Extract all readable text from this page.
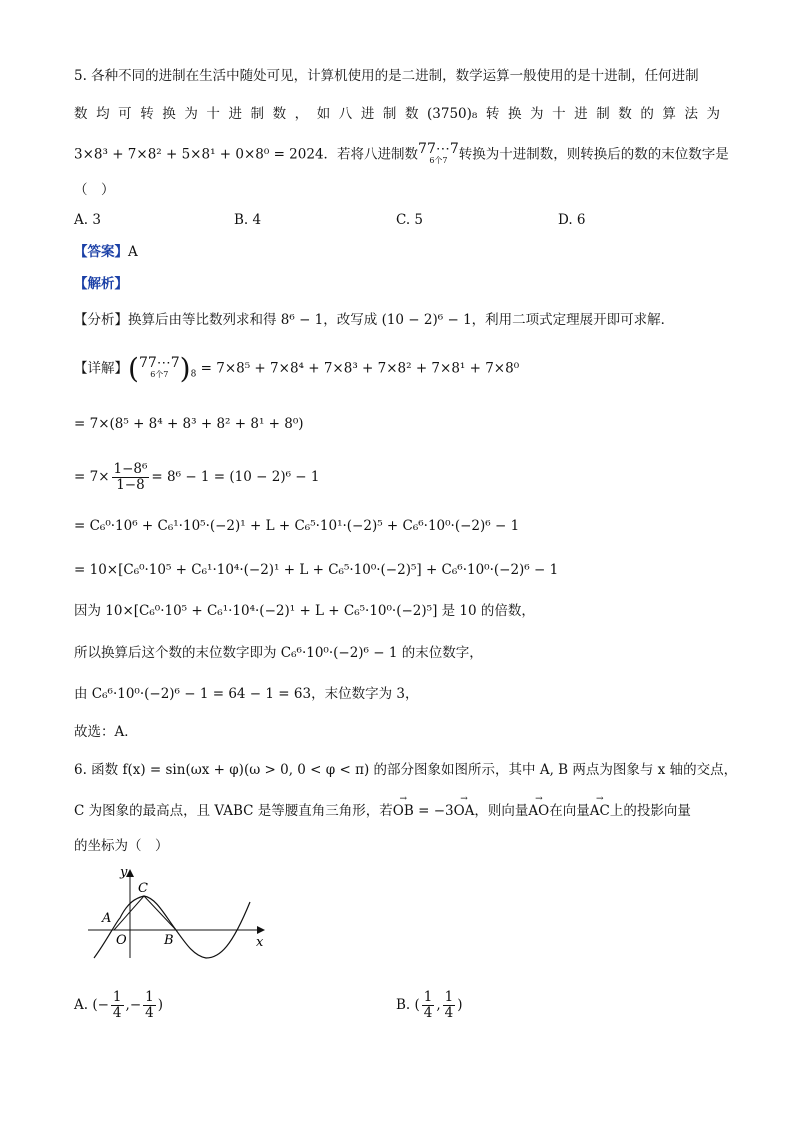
5. 各种不同的进制在生活中随处可见，计算机使用的是二进制，数学运算一般使用的是十进制，任何进制
数 均 可 转 换 为 十 进 制 数 ， 如 八 进 制 数 (3750)₈ 转 换 为 十 进 制 数 的 算 法 为
3×8³ + 7×8² + 5×8¹ + 0×8⁰ = 2024．若将八进制数 77⋯7
6个7 转换为十进制数，则转换后的数的末位数字是
（　）
A. 3	B. 4	C. 5	D. 6
【答案】A
【解析】
【分析】换算后由等比数列求和得 8⁶ − 1，改写成 (10 − 2)⁶ − 1，利用二项式定理展开即可求解．
【详解】( 77⋯7
6个7 )$_8 = 7\times 8^5 + 7\times 8^4 + 7\times 8^3 + 7\times 8^2 + 7\times 8^1 + 7\times 8^0$
= 7×(8⁵ + 8⁴ + 8³ + 8² + 8¹ + 8⁰)
= $7\times \frac{\text{1−8⁶}}{1-8} = 8^6 - 1 = (10 - 2)^6 - 1$
= C₆⁰·10⁶ + C₆¹·10⁵·(−2)¹ + L + C₆⁵·10¹·(−2)⁵ + C₆⁶·10⁰·(−2)⁶ − 1
= 10×[C₆⁰·10⁵ + C₆¹·10⁴·(−2)¹ + L + C₆⁵·10⁰·(−2)⁵] + C₆⁶·10⁰·(−2)⁶ − 1
因为 10×[C₆⁰·10⁵ + C₆¹·10⁴·(−2)¹ + L + C₆⁵·10⁰·(−2)⁵] 是 10 的倍数，
所以换算后这个数的末位数字即为 C₆⁶·10⁰·(−2)⁶ − 1 的末位数字，
由 C₆⁶·10⁰·(−2)⁶ − 1 = 64 − 1 = 63，末位数字为 3，
故选：A．
6. 函数 f(x) = sin(ωx + φ)(ω > 0, 0 < φ < π) 的部分图象如图所示，其中 A, B 两点为图象与 x 轴的交点，
C 为图象的最高点，且 VABC 是等腰直角三角形，若→ OB = −3→ OA，则向量→ AO在向量→ AC上的投影向量
的坐标为（　）
y
x
C
A
O	B
A. (− $\frac{1}{4}$ ,− $\frac{1}{4}$ )	B. ( $\frac{1}{4}$ , $\frac{1}{4}$ )
